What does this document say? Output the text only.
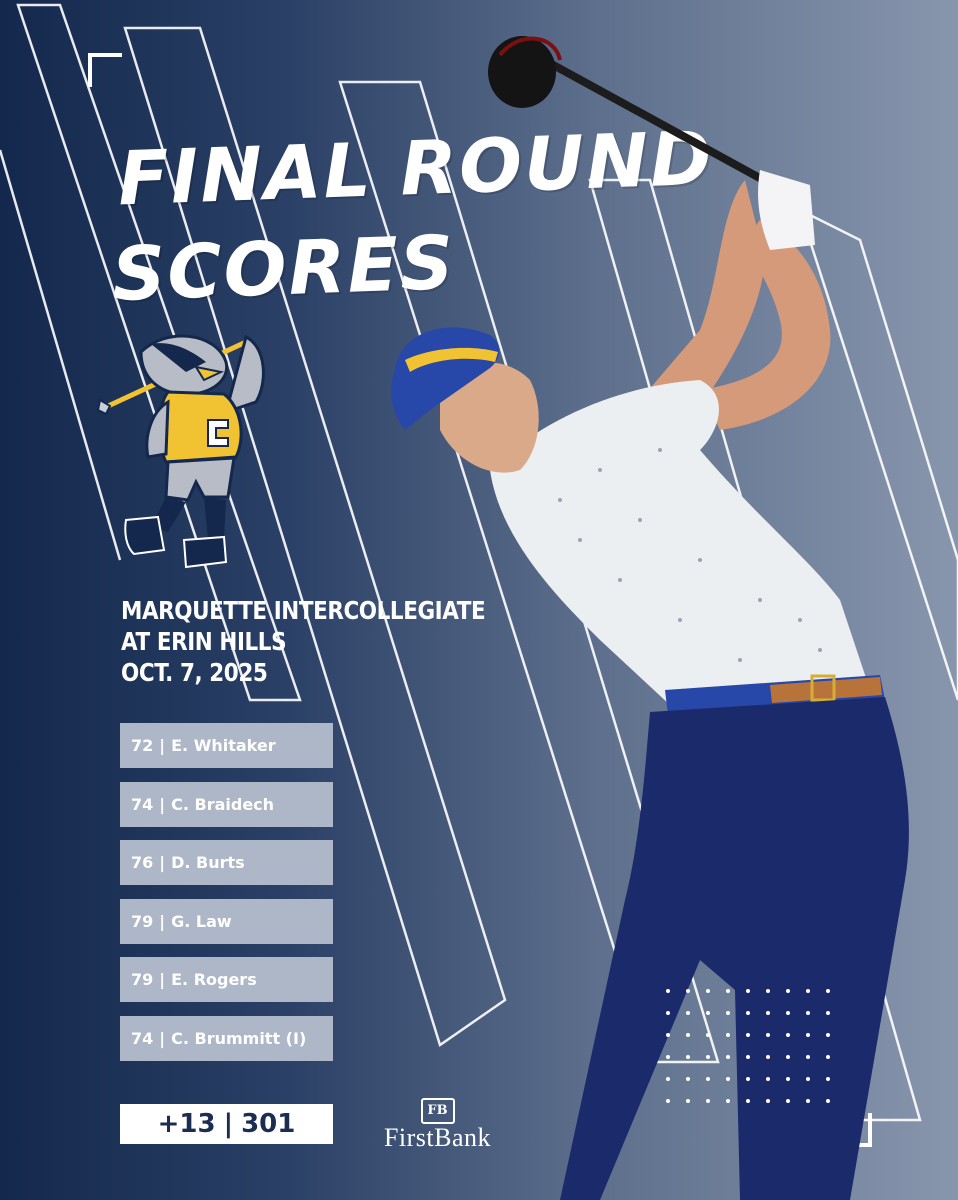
FINAL ROUND
SCORES
MARQUETTE INTERCOLLEGIATE
AT ERIN HILLS
OCT. 7, 2025
72 | E. Whitaker
74 | C. Braidech
76 | D. Burts
79 | G. Law
79 | E. Rogers
74 | C. Brummitt (I)
+13 | 301	FB
FirstBank
